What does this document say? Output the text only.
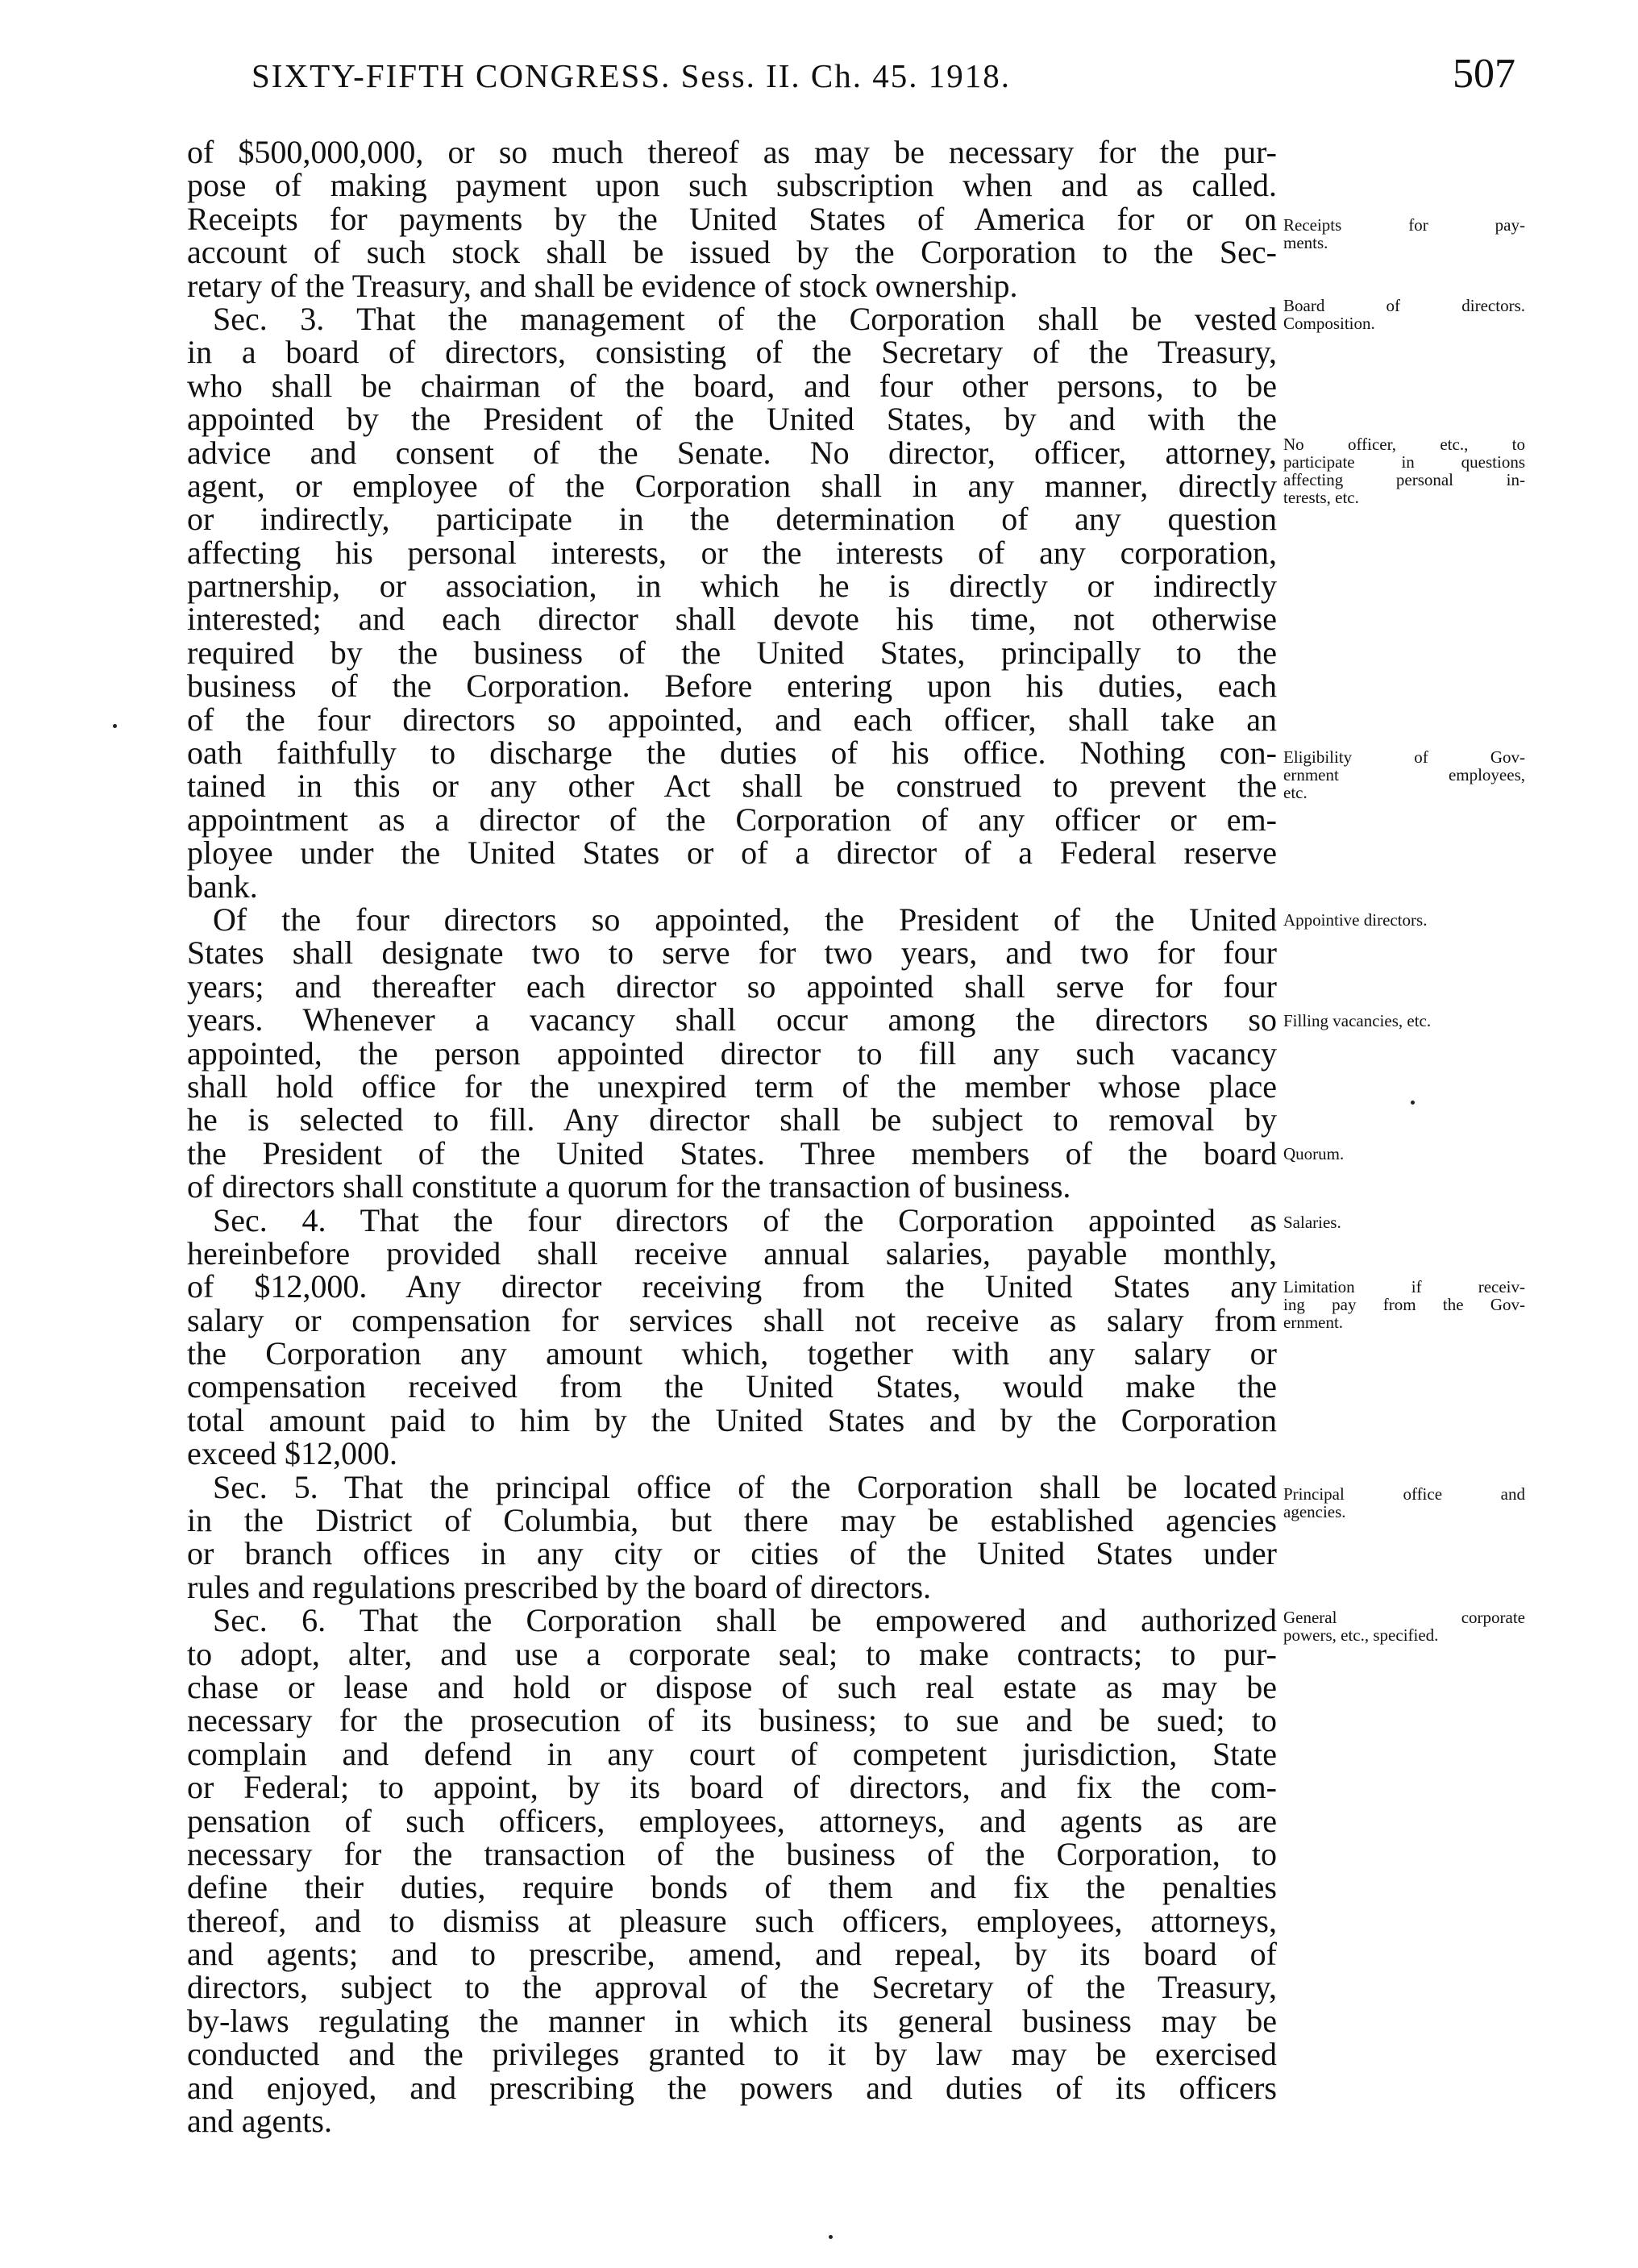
SIXTY-FIFTH CONGRESS. Sess. II. Ch. 45. 1918.	507
of $500,000,000, or so much thereof as may be necessary for the pur-
pose of making payment upon such subscription when and as called.
Receipts for payments by the United States of America for or on
account of such stock shall be issued by the Corporation to the Sec-
retary of the Treasury, and shall be evidence of stock ownership.
Sec. 3. That the management of the Corporation shall be vested
in a board of directors, consisting of the Secretary of the Treasury,
who shall be chairman of the board, and four other persons, to be
appointed by the President of the United States, by and with the
advice and consent of the Senate. No director, officer, attorney,
agent, or employee of the Corporation shall in any manner, directly
or indirectly, participate in the determination of any question
affecting his personal interests, or the interests of any corporation,
partnership, or association, in which he is directly or indirectly
interested; and each director shall devote his time, not otherwise
required by the business of the United States, principally to the
business of the Corporation. Before entering upon his duties, each
of the four directors so appointed, and each officer, shall take an
oath faithfully to discharge the duties of his office. Nothing con-
tained in this or any other Act shall be construed to prevent the
appointment as a director of the Corporation of any officer or em-
ployee under the United States or of a director of a Federal reserve
bank.
Of the four directors so appointed, the President of the United
States shall designate two to serve for two years, and two for four
years; and thereafter each director so appointed shall serve for four
years. Whenever a vacancy shall occur among the directors so
appointed, the person appointed director to fill any such vacancy
shall hold office for the unexpired term of the member whose place
he is selected to fill. Any director shall be subject to removal by
the President of the United States. Three members of the board
of directors shall constitute a quorum for the transaction of business.
Sec. 4. That the four directors of the Corporation appointed as
hereinbefore provided shall receive annual salaries, payable monthly,
of $12,000. Any director receiving from the United States any
salary or compensation for services shall not receive as salary from
the Corporation any amount which, together with any salary or
compensation received from the United States, would make the
total amount paid to him by the United States and by the Corporation
exceed $12,000.
Sec. 5. That the principal office of the Corporation shall be located
in the District of Columbia, but there may be established agencies
or branch offices in any city or cities of the United States under
rules and regulations prescribed by the board of directors.
Sec. 6. That the Corporation shall be empowered and authorized
to adopt, alter, and use a corporate seal; to make contracts; to pur-
chase or lease and hold or dispose of such real estate as may be
necessary for the prosecution of its business; to sue and be sued; to
complain and defend in any court of competent jurisdiction, State
or Federal; to appoint, by its board of directors, and fix the com-
pensation of such officers, employees, attorneys, and agents as are
necessary for the transaction of the business of the Corporation, to
define their duties, require bonds of them and fix the penalties
thereof, and to dismiss at pleasure such officers, employees, attorneys,
and agents; and to prescribe, amend, and repeal, by its board of
directors, subject to the approval of the Secretary of the Treasury,
by-laws regulating the manner in which its general business may be
conducted and the privileges granted to it by law may be exercised
and enjoyed, and prescribing the powers and duties of its officers
and agents.
Receipts for pay-
ments.
Board of directors.
Composition.
No officer, etc., to
participate in questions
affecting personal in-
terests, etc.
Eligibility of Gov-
ernment employees,
etc.
Appointive directors.
Filling vacancies, etc.
Quorum.
Salaries.
Limitation if receiv-
ing pay from the Gov-
ernment.
Principal office and
agencies.
General corporate
powers, etc., specified.
